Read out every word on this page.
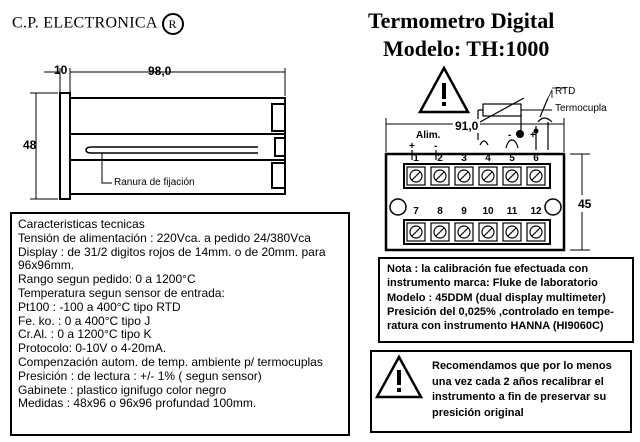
C.P. ELECTRONICA R	Termometro Digital
Modelo: TH:1000
10	98,0
48
Ranura de fijación
RTD
Termocupla
91,0
45
Alim.
+ -
- +
1	2	3	4	5	6
7	8	9	10 11 12
Caracteristicas tecnicas
Tensión de alimentación : 220Vca. a pedido 24/380Vca
Display : de 31/2 digitos rojos de 14mm. o de 20mm. para
96x96mm.
Rango segun pedido: 0 a 1200°C
Temperatura segun sensor de entrada:
Pt100 : -100 a 400°C tipo RTD
Fe. ko. : 0 a 400°C tipo J
Cr.Al. : 0 a 1200°C tipo K
Protocolo: 0-10V o 4-20mA.
Compenzación autom. de temp. ambiente p/ termocuplas
Presición : de lectura : +/- 1% ( segun sensor)
Gabinete : plastico ignifugo color negro
Medidas : 48x96 o 96x96 profundad 100mm.
Nota : la calibración fue efectuada con
instrumento marca: Fluke de laboratorio
Modelo : 45DDM (dual display multimeter)
Presición del 0,025% ,controlado en tempe-
ratura con instrumento HANNA (HI9060C)
Recomendamos que por lo menos
una vez cada 2 años recalibrar el
instrumento a fin de preservar su
presición original
